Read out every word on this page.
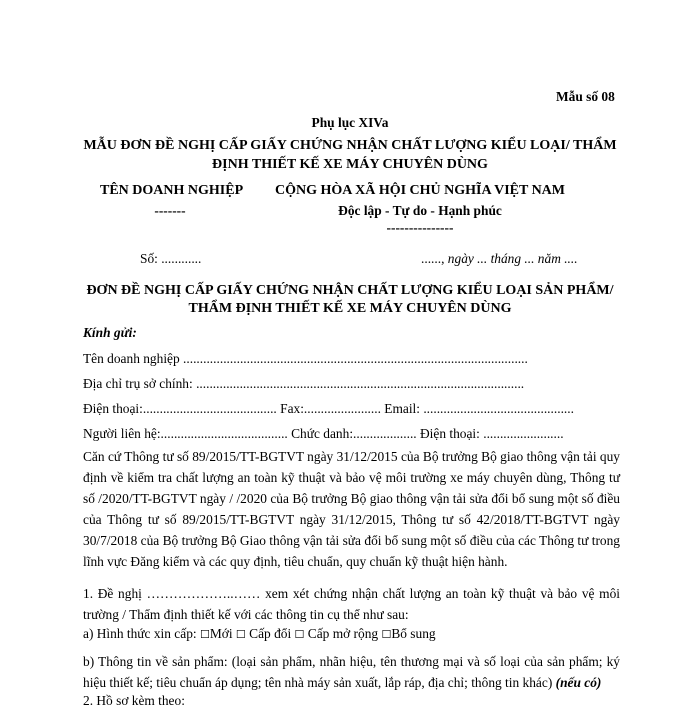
Mẫu số 08
Phụ lục XIVa
MẪU ĐƠN ĐỀ NGHỊ CẤP GIẤY CHỨNG NHẬN CHẤT LƯỢNG KIỂU LOẠI/ THẨM
ĐỊNH THIẾT KẾ XE MÁY CHUYÊN DÙNG
TÊN DOANH NGHIỆP
-------
CỘNG HÒA XÃ HỘI CHỦ NGHĨA VIỆT NAM
Độc lập - Tự do - Hạnh phúc
---------------
Số: ............	......, ngày ... tháng ... năm ....
ĐƠN ĐỀ NGHỊ CẤP GIẤY CHỨNG NHẬN CHẤT LƯỢNG KIỂU LOẠI SẢN PHẨM/
THẨM ĐỊNH THIẾT KẾ XE MÁY CHUYÊN DÙNG
Kính gửi:
Tên doanh nghiệp .......................................................................................................
Địa chỉ trụ sở chính: ..................................................................................................
Điện thoại:........................................ Fax:....................... Email: .............................................
Người liên hệ:...................................... Chức danh:................... Điện thoại: ........................
Căn cứ Thông tư số 89/2015/TT-BGTVT ngày 31/12/2015 của Bộ trưởng Bộ giao thông vận tải quy định về kiểm tra chất lượng an toàn kỹ thuật và bảo vệ môi trường xe máy chuyên dùng, Thông tư số /2020/TT-BGTVT ngày / /2020 của Bộ trưởng Bộ giao thông vận tải sửa đổi bổ sung một số điều của Thông tư số 89/2015/TT-BGTVT ngày 31/12/2015, Thông tư số 42/2018/TT-BGTVT ngày 30/7/2018 của Bộ trưởng Bộ Giao thông vận tải sửa đổi bổ sung một số điều của các Thông tư trong lĩnh vực Đăng kiểm và các quy định, tiêu chuẩn, quy chuẩn kỹ thuật hiện hành.
1. Đề nghị ………………..…… xem xét chứng nhận chất lượng an toàn kỹ thuật và bảo vệ môi trường / Thẩm định thiết kế với các thông tin cụ thể như sau:
a) Hình thức xin cấp: ☐Mới ☐ Cấp đổi ☐ Cấp mở rộng ☐Bổ sung
b) Thông tin về sản phẩm: (loại sản phẩm, nhãn hiệu, tên thương mại và số loại của sản phẩm; ký hiệu thiết kế; tiêu chuẩn áp dụng; tên nhà máy sản xuất, lắp ráp, địa chỉ; thông tin khác) (nếu có)
2. Hồ sơ kèm theo:
